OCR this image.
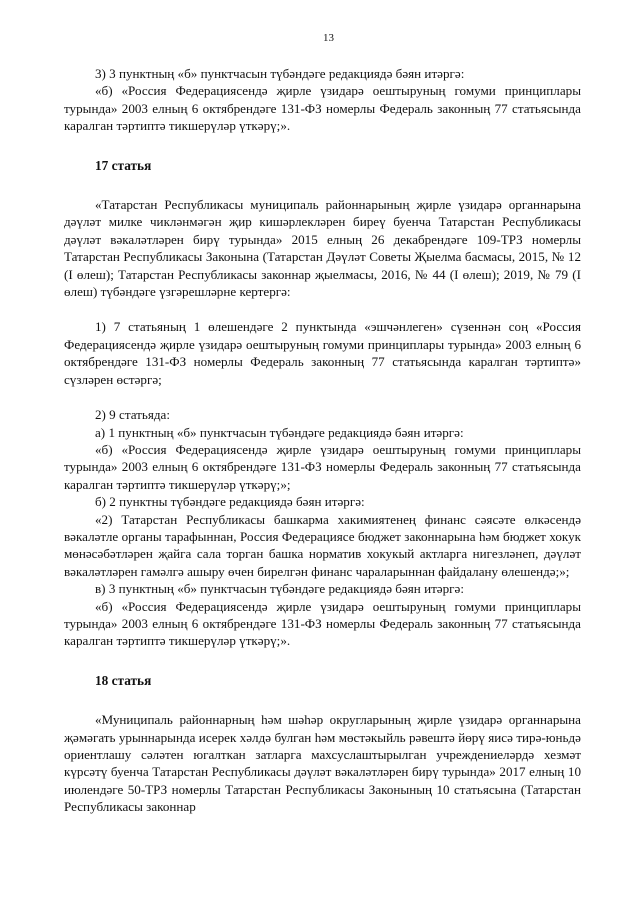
13

3) 3 пунктның «б» пунктчасын түбәндәге редакциядә бәян итәргә:

«б) «Россия Федерациясендә җирле үзидарә оештыруның гомуми принциплары турында» 2003 елның 6 октябрендәге 131-ФЗ номерлы Федераль законның 77 статьясында каралган тәртиптә тикшерүләр үткәрү;».

17 статья

«Татарстан Республикасы муниципаль районнарының җирле үзидарә органнарына дәүләт милке чикләнмәгән җир кишәрлекләрен биреү буенча Татарстан Республикасы дәүләт вәкаләтләрен бирү турында» 2015 елның 26 декабрендәге 109-ТРЗ номерлы Татарстан Республикасы Законына (Татарстан Дәүләт Советы Җыелма басмасы, 2015, № 12 (I өлеш); Татарстан Республикасы законнар җыелмасы, 2016, № 44 (I өлеш); 2019, № 79 (I өлеш) түбәндәге үзгәрешләрне кертергә:

1) 7 статьяның 1 өлешендәге 2 пунктында «эшчәнлеген» сүзеннән соң «Россия Федерациясендә җирле үзидарә оештыруның гомуми принциплары турында» 2003 елның 6 октябрендәге 131-ФЗ номерлы Федераль законның 77 статьясында каралган тәртиптә» сүзләрен өстәргә;

2) 9 статьяда:

а) 1 пунктның «б» пунктчасын түбәндәге редакциядә бәян итәргә:

«б) «Россия Федерациясендә җирле үзидарә оештыруның гомуми принциплары турында» 2003 елның 6 октябрендәге 131-ФЗ номерлы Федераль законның 77 статьясында каралган тәртиптә тикшерүләр үткәрү;»;

б) 2 пунктны түбәндәге редакциядә бәян итәргә:

«2) Татарстан Республикасы башкарма хакимиятенең финанс сәясәте өлкәсендә вәкаләтле органы тарафыннан, Россия Федерациясе бюджет законнарына һәм бюджет хокук мөнәсәбәтләрен җайга сала торган башка норматив хокукый актларга нигезләнеп, дәүләт вәкаләтләрен гамәлгә ашыру өчен бирелгән финанс чараларыннан файдалану өлешендә;»;

в) 3 пунктның «б» пунктчасын түбәндәге редакциядә бәян итәргә:

«б) «Россия Федерациясендә җирле үзидарә оештыруның гомуми принциплары турында» 2003 елның 6 октябрендәге 131-ФЗ номерлы Федераль законның 77 статьясында каралган тәртиптә тикшерүләр үткәрү;».

18 статья

«Муниципаль районнарның һәм шәһәр округларының җирле үзидарә органнарына җәмәгать урыннарында исерек хәлдә булган һәм мөстәкыйль рәвештә йөрү яисә тирә-юньдә ориентлашу сәләтен югалткан затларга махсуслаштырылган учреждениеләрдә хезмәт күрсәтү буенча Татарстан Республикасы дәүләт вәкаләтләрен бирү турында» 2017 елның 10 июлендәге 50-ТРЗ номерлы Татарстан Республикасы Законының 10 статьясына (Татарстан Республикасы законнар
